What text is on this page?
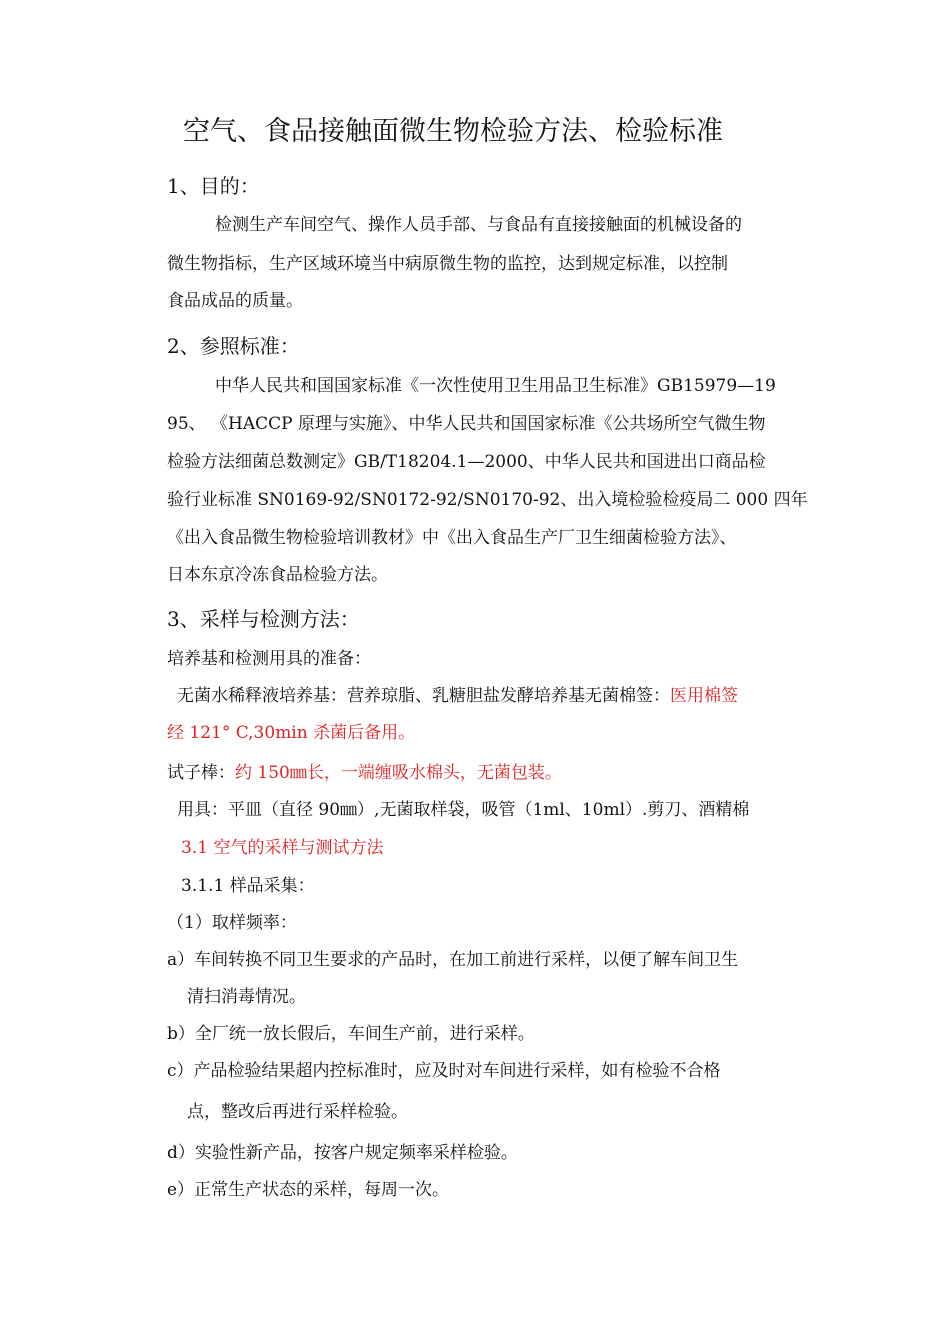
空气、食品接触面微生物检验方法、检验标准
1、目的：
检测生产车间空气、操作人员手部、与食品有直接接触面的机械设备的
微生物指标，生产区域环境当中病原微生物的监控，达到规定标准，以控制
食品成品的质量。
2、参照标准：
中华人民共和国国家标准《一次性使用卫生用品卫生标准》GB15979—19
95、 《HACCP 原理与实施》、中华人民共和国国家标准《公共场所空气微生物
检验方法细菌总数测定》GB/T18204.1—2000、中华人民共和国进出口商品检
验行业标准 SN0169-92/SN0172-92/SN0170-92、出入境检验检疫局二 000 四年
《出入食品微生物检验培训教材》中《出入食品生产厂卫生细菌检验方法》、
日本东京冷冻食品检验方法。
3、采样与检测方法：
培养基和检测用具的准备：
无菌水稀释液培养基：营养琼脂、乳糖胆盐发酵培养基无菌棉签：医用棉签
经 121° C,30min 杀菌后备用。
试子棒：约 150㎜长，一端缠吸水棉头，无菌包装。
用具：平皿（直径 90㎜）,无菌取样袋，吸管（1ml、10ml）.剪刀、酒精棉
3.1 空气的采样与测试方法
3.1.1 样品采集：
（1）取样频率：
a）车间转换不同卫生要求的产品时，在加工前进行采样，以便了解车间卫生
清扫消毒情况。
b）全厂统一放长假后，车间生产前，进行采样。
c）产品检验结果超内控标准时，应及时对车间进行采样，如有检验不合格
点，整改后再进行采样检验。
d）实验性新产品，按客户规定频率采样检验。
e）正常生产状态的采样，每周一次。
